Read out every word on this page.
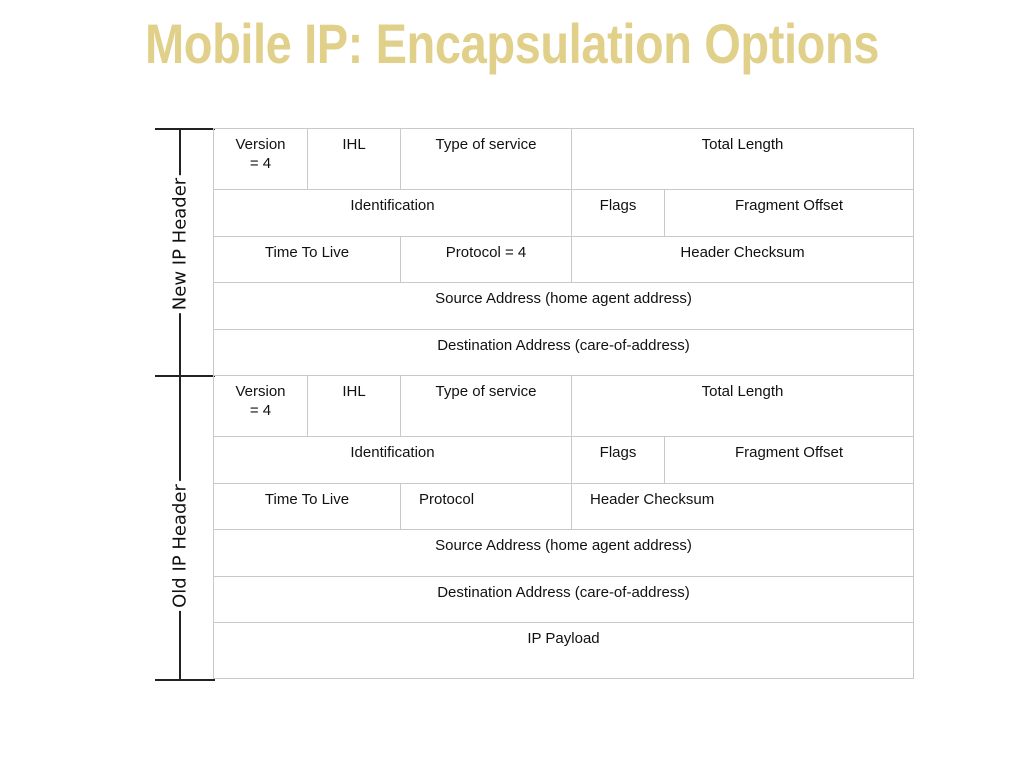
Mobile IP: Encapsulation Options
New IP Header
Old IP Header
Version = 4	IHL	Type of service	Total Length	
Identification			Flags	Fragment Offset
Time To Live		Protocol = 4	Header Checksum	
Source Address (home agent address)				
Destination Address (care-of-address)				
Version = 4	IHL	Type of service	Total Length	
Identification			Flags	Fragment Offset
Time To Live		Protocol	Header Checksum	
Source Address (home agent address)				
Destination Address (care-of-address)				
IP Payload				
